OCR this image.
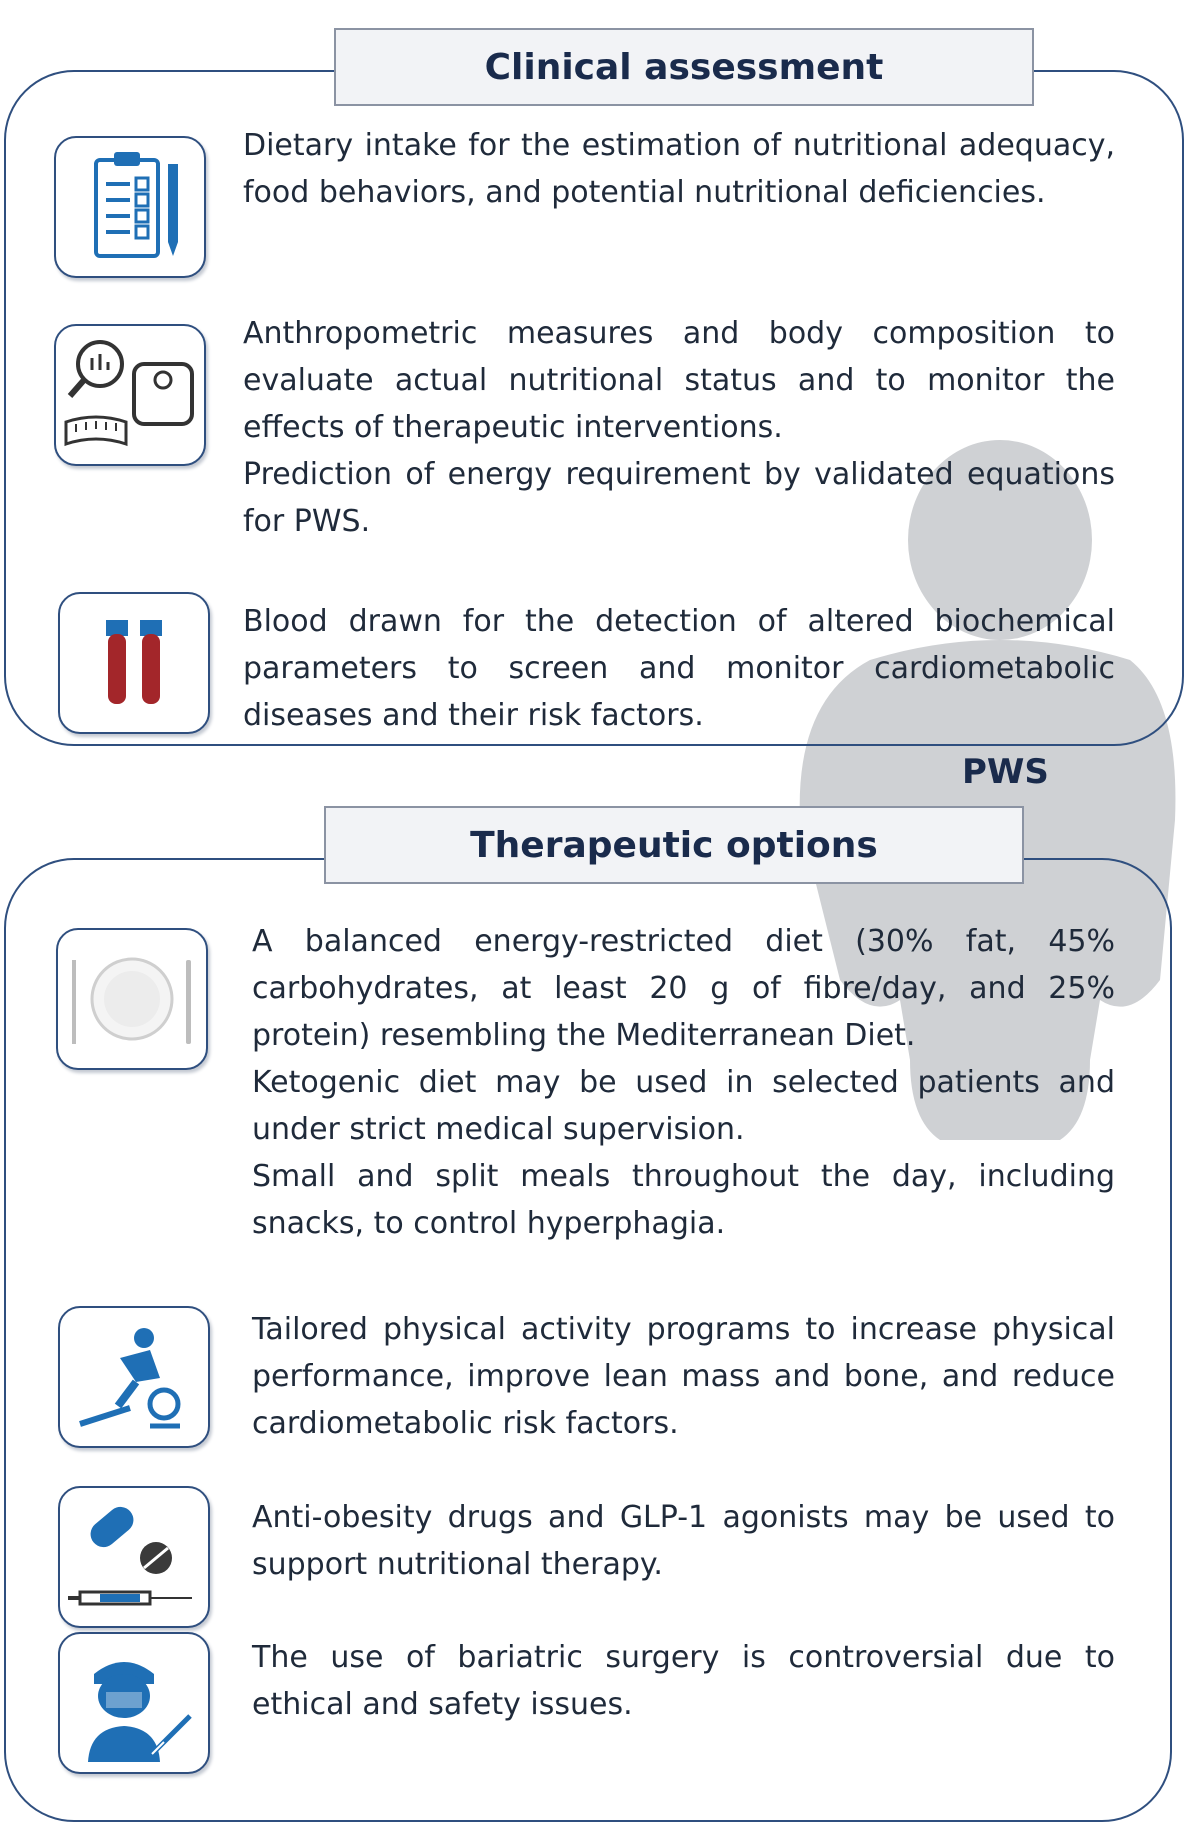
Clinical assessment

Dietary intake for the estimation of nutritional adequacy, food behaviors, and potential nutritional deficiencies.

Anthropometric measures and body composition to evaluate actual nutritional status and to monitor the effects of therapeutic interventions.

Prediction of energy requirement by validated equations for PWS.

Blood drawn for the detection of altered biochemical parameters to screen and monitor cardiometabolic diseases and their risk factors.

PWS
Therapeutic options

A balanced energy-restricted diet (30% fat, 45% carbohydrates, at least 20 g of fibre/day, and 25% protein) resembling the Mediterranean Diet.

Ketogenic diet may be used in selected patients and under strict medical supervision.

Small and split meals throughout the day, including snacks, to control hyperphagia.

Tailored physical activity programs to increase physical performance, improve lean mass and bone, and reduce cardiometabolic risk factors.

Anti-obesity drugs and GLP-1 agonists may be used to support nutritional therapy.

The use of bariatric surgery is controversial due to ethical and safety issues.
